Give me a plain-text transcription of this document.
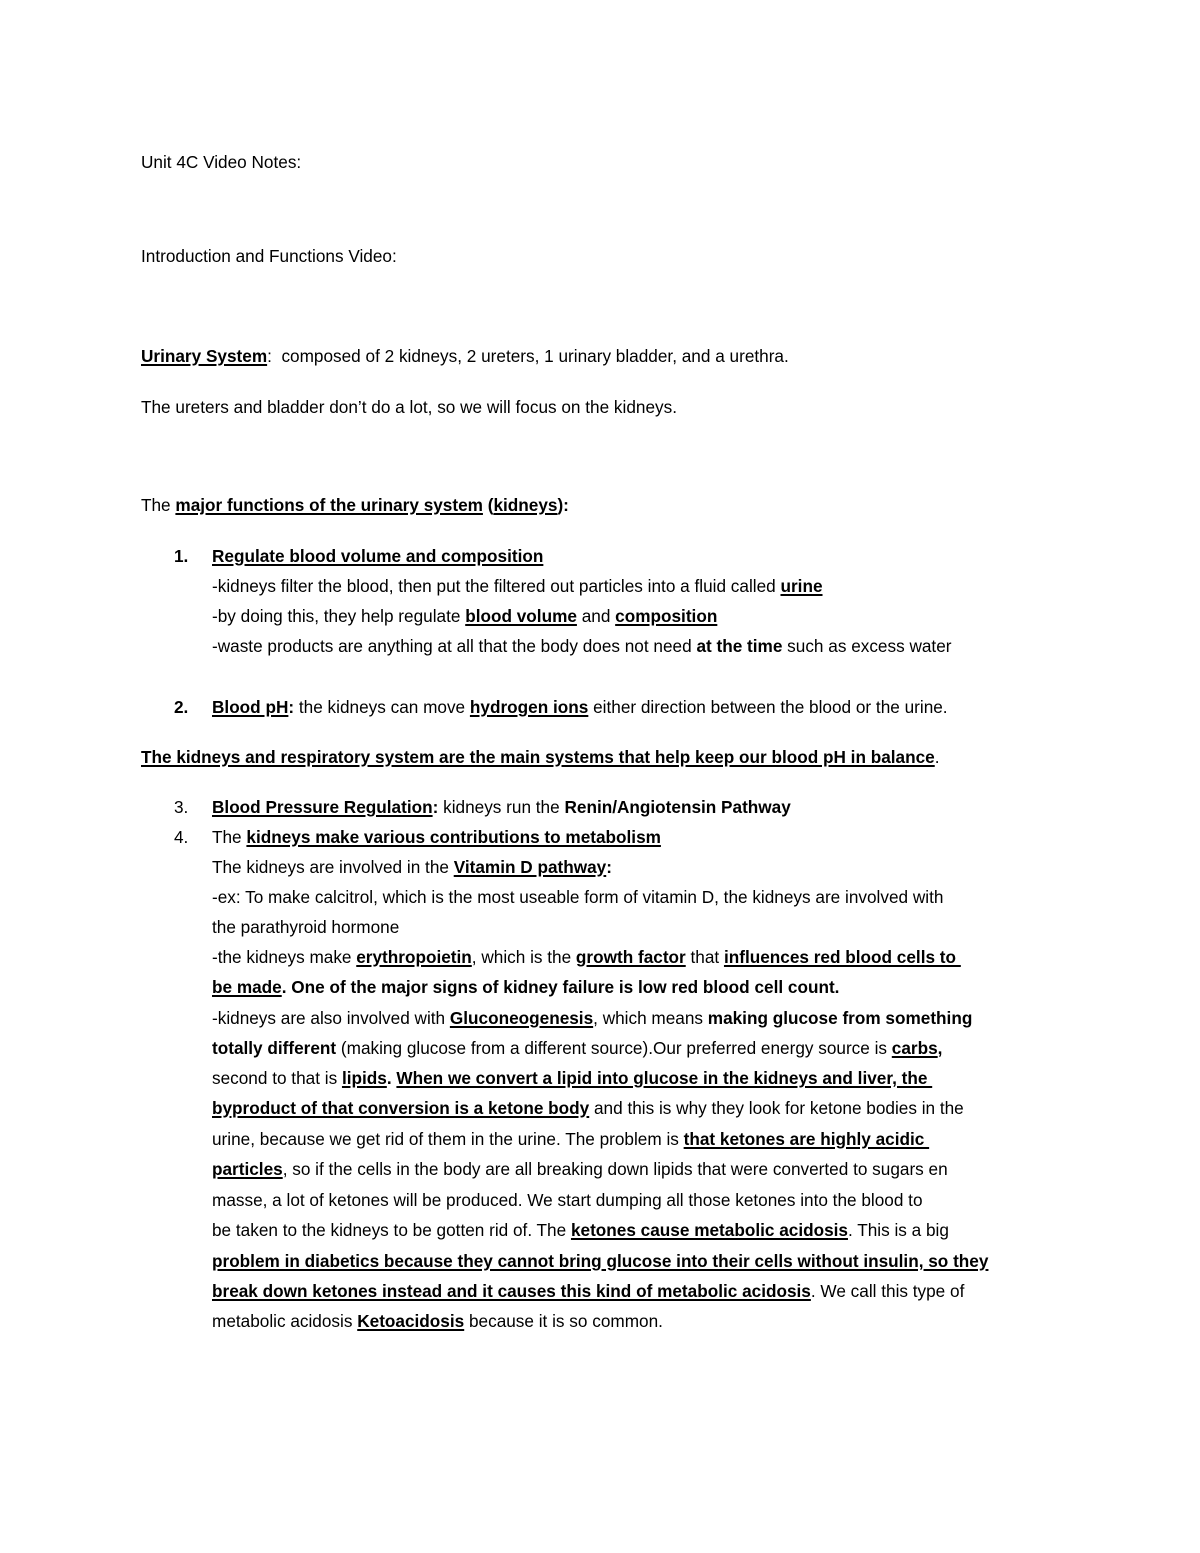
Unit 4C Video Notes:

Introduction and Functions Video:

Urinary System:  composed of 2 kidneys, 2 ureters, 1 urinary bladder, and a urethra.

The ureters and bladder don’t do a lot, so we will focus on the kidneys.

The major functions of the urinary system (kidneys):

1. Regulate blood volume and composition

-kidneys filter the blood, then put the filtered out particles into a fluid called urine

-by doing this, they help regulate blood volume and composition

-waste products are anything at all that the body does not need at the time such as excess water

2. Blood pH: the kidneys can move hydrogen ions either direction between the blood or the urine.

The kidneys and respiratory system are the main systems that help keep our blood pH in balance.

3. Blood Pressure Regulation: kidneys run the Renin/Angiotensin Pathway

4. The kidneys make various contributions to metabolism

The kidneys are involved in the Vitamin D pathway:

-ex: To make calcitrol, which is the most useable form of vitamin D, the kidneys are involved with

the parathyroid hormone

-the kidneys make erythropoietin, which is the growth factor that influences red blood cells to

be made. One of the major signs of kidney failure is low red blood cell count.

-kidneys are also involved with Gluconeogenesis, which means making glucose from something

totally different (making glucose from a different source).Our preferred energy source is carbs,

second to that is lipids. When we convert a lipid into glucose in the kidneys and liver, the

byproduct of that conversion is a ketone body and this is why they look for ketone bodies in the

urine, because we get rid of them in the urine. The problem is that ketones are highly acidic

particles, so if the cells in the body are all breaking down lipids that were converted to sugars en

masse, a lot of ketones will be produced. We start dumping all those ketones into the blood to

be taken to the kidneys to be gotten rid of. The ketones cause metabolic acidosis. This is a big

problem in diabetics because they cannot bring glucose into their cells without insulin, so they

break down ketones instead and it causes this kind of metabolic acidosis. We call this type of

metabolic acidosis Ketoacidosis because it is so common.
